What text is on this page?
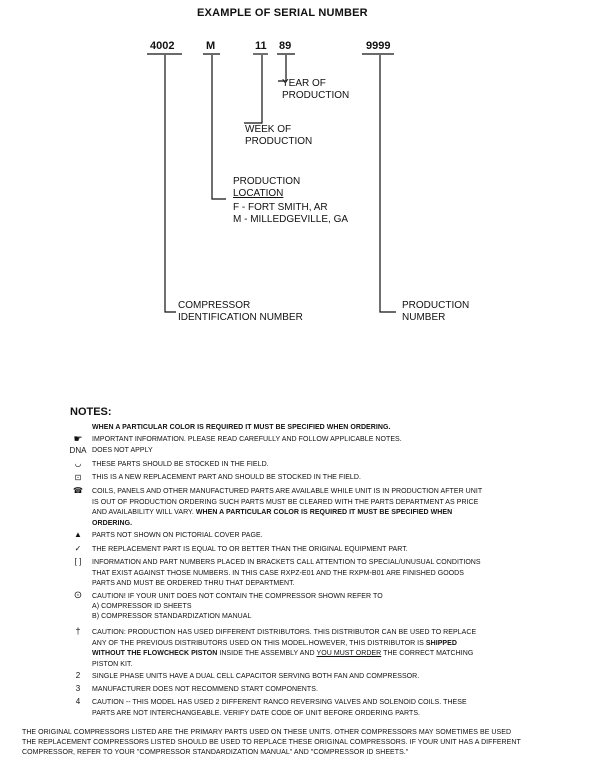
EXAMPLE OF SERIAL NUMBER
4002	M	11 89	9999
YEAR OF
PRODUCTION
WEEK OF
PRODUCTION
PRODUCTION
LOCATION
F - FORT SMITH, AR
M - MILLEDGEVILLE, GA
COMPRESSOR
IDENTIFICATION NUMBER
PRODUCTION
NUMBER
NOTES:
WHEN A PARTICULAR COLOR IS REQUIRED IT MUST BE SPECIFIED WHEN ORDERING.
☛	IMPORTANT INFORMATION. PLEASE READ CAREFULLY AND FOLLOW APPLICABLE NOTES.
DNA DOES NOT APPLY
◡	THESE PARTS SHOULD BE STOCKED IN THE FIELD.
⊡	THIS IS A NEW REPLACEMENT PART AND SHOULD BE STOCKED IN THE FIELD.
☎	COILS, PANELS AND OTHER MANUFACTURED PARTS ARE AVAILABLE WHILE UNIT IS IN PRODUCTION AFTER UNIT IS OUT OF PRODUCTION ORDERING SUCH PARTS MUST BE CLEARED WITH THE PARTS DEPARTMENT AS PRICE AND AVAILABILITY WILL VARY. WHEN A PARTICULAR COLOR IS REQUIRED IT MUST BE SPECIFIED WHEN ORDERING.
▲	PARTS NOT SHOWN ON PICTORIAL COVER PAGE.
✓	THE REPLACEMENT PART IS EQUAL TO OR BETTER THAN THE ORIGINAL EQUIPMENT PART.
[ ]	INFORMATION AND PART NUMBERS PLACED IN BRACKETS CALL ATTENTION TO SPECIAL/UNUSUAL CONDITIONS THAT EXIST AGAINST THOSE NUMBERS. IN THIS CASE RXPZ-E01 AND THE RXPM-B01 ARE FINISHED GOODS PARTS AND MUST BE ORDERED THRU THAT DEPARTMENT.
⊙	CAUTION! IF YOUR UNIT DOES NOT CONTAIN THE COMPRESSOR SHOWN REFER TO
A) COMPRESSOR ID SHEETS
B) COMPRESSOR STANDARDIZATION MANUAL
†	CAUTION: PRODUCTION HAS USED DIFFERENT DISTRIBUTORS. THIS DISTRIBUTOR CAN BE USED TO REPLACE ANY OF THE PREVIOUS DISTRIBUTORS USED ON THIS MODEL.HOWEVER, THIS DISTRIBUTOR IS SHIPPED WITHOUT THE FLOWCHECK PISTON INSIDE THE ASSEMBLY AND YOU MUST ORDER THE CORRECT MATCHING PISTON KIT.
2	SINGLE PHASE UNITS HAVE A DUAL CELL CAPACITOR SERVING BOTH FAN AND COMPRESSOR.
3	MANUFACTURER DOES NOT RECOMMEND START COMPONENTS.
4	CAUTION -- THIS MODEL HAS USED 2 DIFFERENT RANCO REVERSING VALVES AND SOLENOID COILS. THESE PARTS ARE NOT INTERCHANGEABLE. VERIFY DATE CODE OF UNIT BEFORE ORDERING PARTS.
THE ORIGINAL COMPRESSORS LISTED ARE THE PRIMARY PARTS USED ON THESE UNITS. OTHER COMPRESSORS MAY SOMETIMES BE USED
THE REPLACEMENT COMPRESSORS LISTED SHOULD BE USED TO REPLACE THESE ORIGINAL COMPRESSORS. IF YOUR UNIT HAS A DIFFERENT
COMPRESSOR, REFER TO YOUR "COMPRESSOR STANDARDIZATION MANUAL" AND "COMPRESSOR ID SHEETS."
